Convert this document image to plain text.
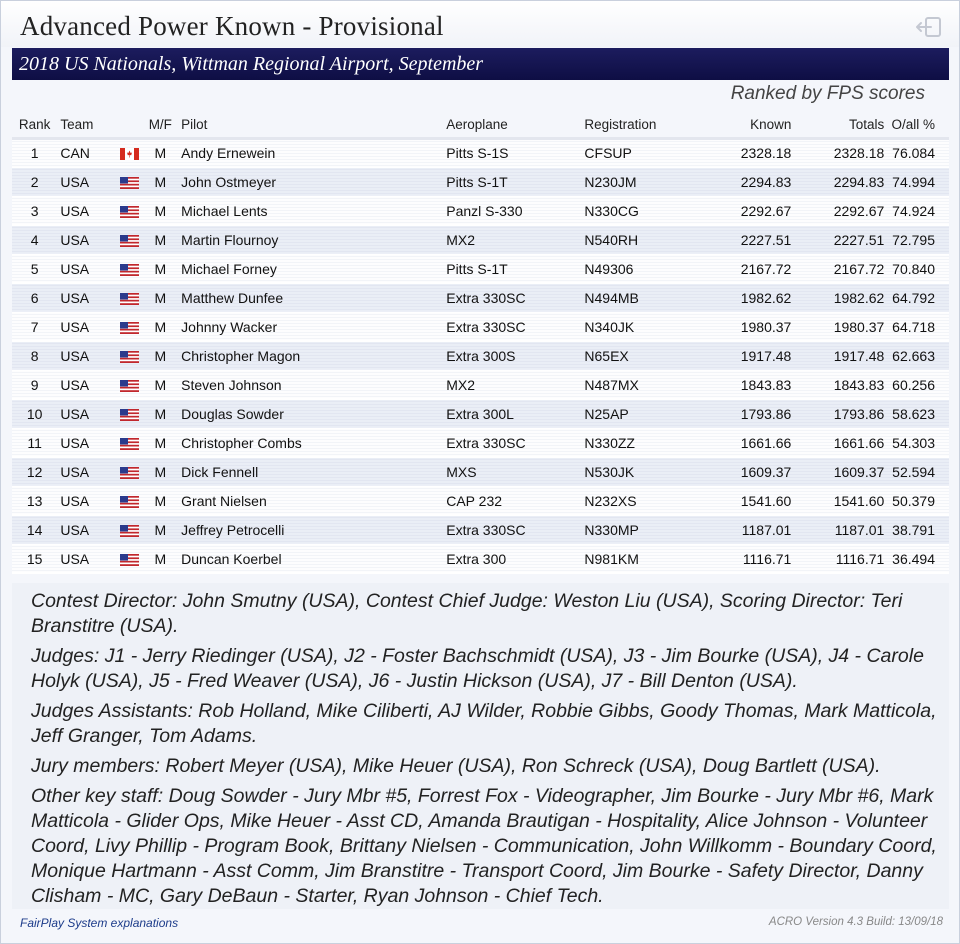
Advanced Power Known - Provisional
2018 US Nationals, Wittman Regional Airport, September
Ranked by FPS scores
Rank	Team		M/F	Pilot	Aeroplane	Registration	Known	Totals	O/all %
1	CAN		M	Andy Ernewein	Pitts S-1S	CFSUP	2328.18	2328.18	76.084
2	USA		M	John Ostmeyer	Pitts S-1T	N230JM	2294.83	2294.83	74.994
3	USA		M	Michael Lents	Panzl S-330	N330CG	2292.67	2292.67	74.924
4	USA		M	Martin Flournoy	MX2	N540RH	2227.51	2227.51	72.795
5	USA		M	Michael Forney	Pitts S-1T	N49306	2167.72	2167.72	70.840
6	USA		M	Matthew Dunfee	Extra 330SC	N494MB	1982.62	1982.62	64.792
7	USA		M	Johnny Wacker	Extra 330SC	N340JK	1980.37	1980.37	64.718
8	USA		M	Christopher Magon	Extra 300S	N65EX	1917.48	1917.48	62.663
9	USA		M	Steven Johnson	MX2	N487MX	1843.83	1843.83	60.256
10	USA		M	Douglas Sowder	Extra 300L	N25AP	1793.86	1793.86	58.623
11	USA		M	Christopher Combs	Extra 330SC	N330ZZ	1661.66	1661.66	54.303
12	USA		M	Dick Fennell	MXS	N530JK	1609.37	1609.37	52.594
13	USA		M	Grant Nielsen	CAP 232	N232XS	1541.60	1541.60	50.379
14	USA		M	Jeffrey Petrocelli	Extra 330SC	N330MP	1187.01	1187.01	38.791
15	USA		M	Duncan Koerbel	Extra 300	N981KM	1116.71	1116.71	36.494

Contest Director: John Smutny (USA), Contest Chief Judge: Weston Liu (USA), Scoring Director: Teri Branstitre (USA).

Judges: J1 - Jerry Riedinger (USA), J2 - Foster Bachschmidt (USA), J3 - Jim Bourke (USA), J4 - Carole Holyk (USA), J5 - Fred Weaver (USA), J6 - Justin Hickson (USA), J7 - Bill Denton (USA).

Judges Assistants: Rob Holland, Mike Ciliberti, AJ Wilder, Robbie Gibbs, Goody Thomas, Mark Matticola, Jeff Granger, Tom Adams.

Jury members: Robert Meyer (USA), Mike Heuer (USA), Ron Schreck (USA), Doug Bartlett (USA).

Other key staff: Doug Sowder - Jury Mbr #5, Forrest Fox - Videographer, Jim Bourke - Jury Mbr #6, Mark Matticola - Glider Ops, Mike Heuer - Asst CD, Amanda Brautigan - Hospitality, Alice Johnson - Volunteer Coord, Livy Phillip - Program Book, Brittany Nielsen - Communication, John Willkomm - Boundary Coord, Monique Hartmann - Asst Comm, Jim Branstitre - Transport Coord, Jim Bourke - Safety Director, Danny Clisham - MC, Gary DeBaun - Starter, Ryan Johnson - Chief Tech.

FairPlay System explanations	ACRO Version 4.3 Build: 13/09/18
